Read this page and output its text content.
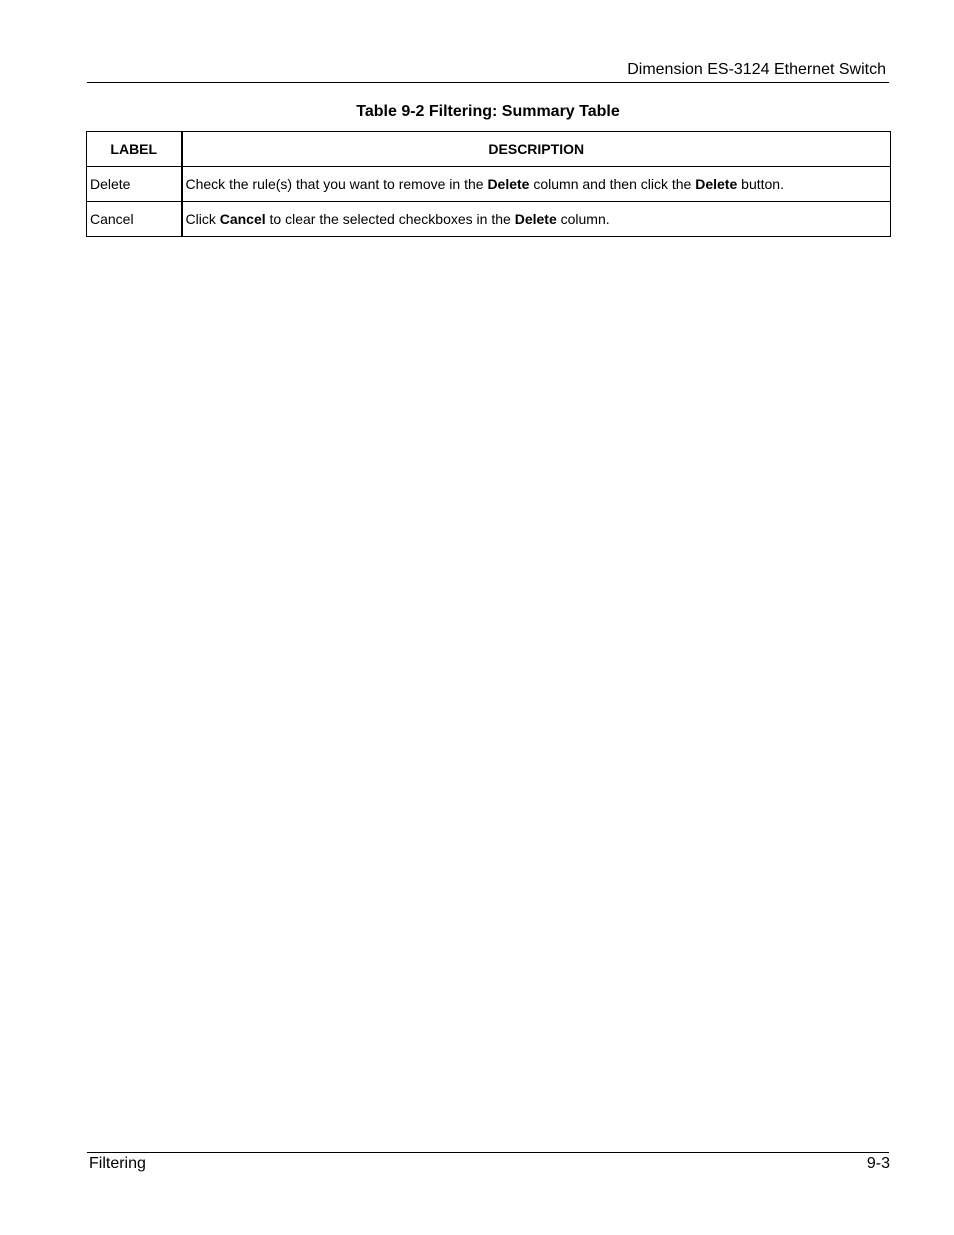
Dimension ES-3124 Ethernet Switch
Table 9-2 Filtering: Summary Table
LABEL	DESCRIPTION
Delete	Check the rule(s) that you want to remove in the Delete column and then click the Delete button.
Cancel	Click Cancel to clear the selected checkboxes in the Delete column.
Filtering	9-3
